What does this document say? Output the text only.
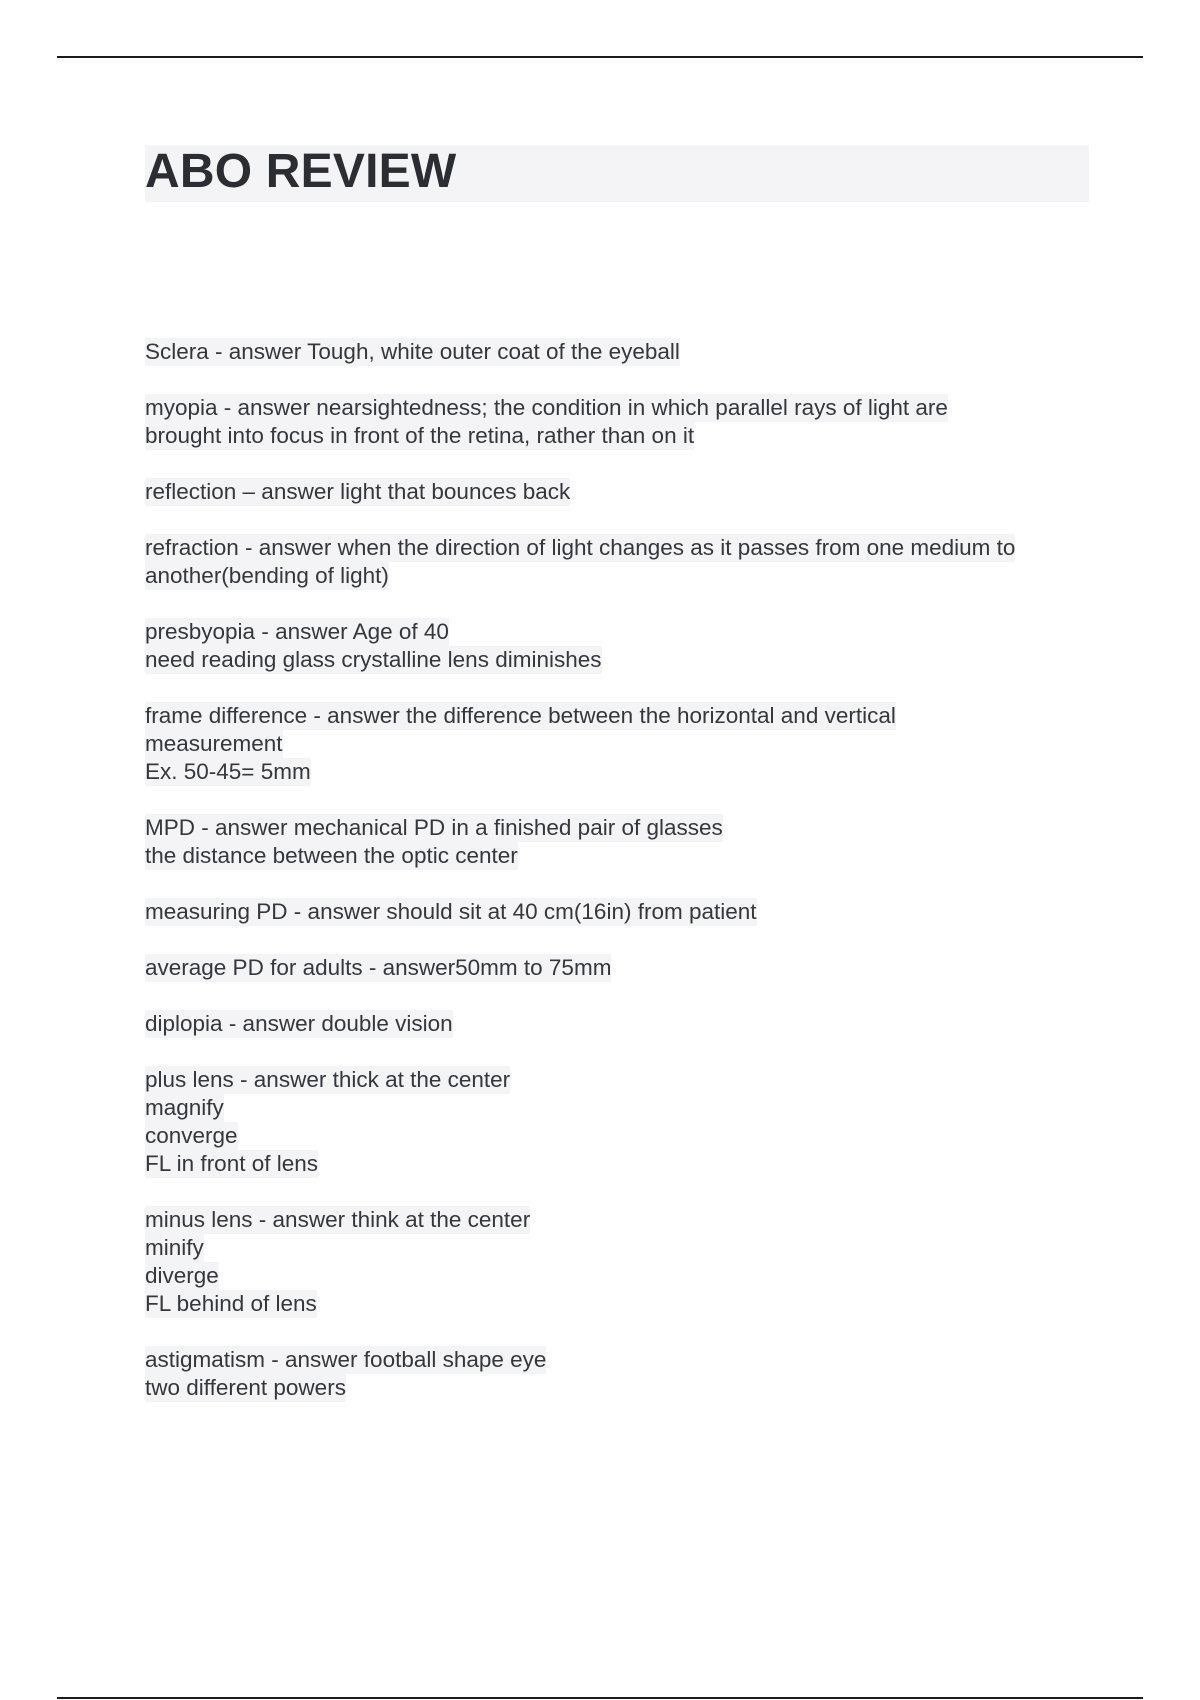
ABO REVIEW
Sclera - answer Tough, white outer coat of the eyeball
myopia - answer nearsightedness; the condition in which parallel rays of light are
brought into focus in front of the retina, rather than on it
reflection – answer light that bounces back
refraction - answer when the direction of light changes as it passes from one medium to
another(bending of light)
presbyopia - answer Age of 40
need reading glass crystalline lens diminishes
frame difference - answer the difference between the horizontal and vertical
measurement
Ex. 50-45= 5mm
MPD - answer mechanical PD in a finished pair of glasses
the distance between the optic center
measuring PD - answer should sit at 40 cm(16in) from patient
average PD for adults - answer50mm to 75mm
diplopia - answer double vision
plus lens - answer thick at the center
magnify
converge
FL in front of lens
minus lens - answer think at the center
minify
diverge
FL behind of lens
astigmatism - answer football shape eye
two different powers
